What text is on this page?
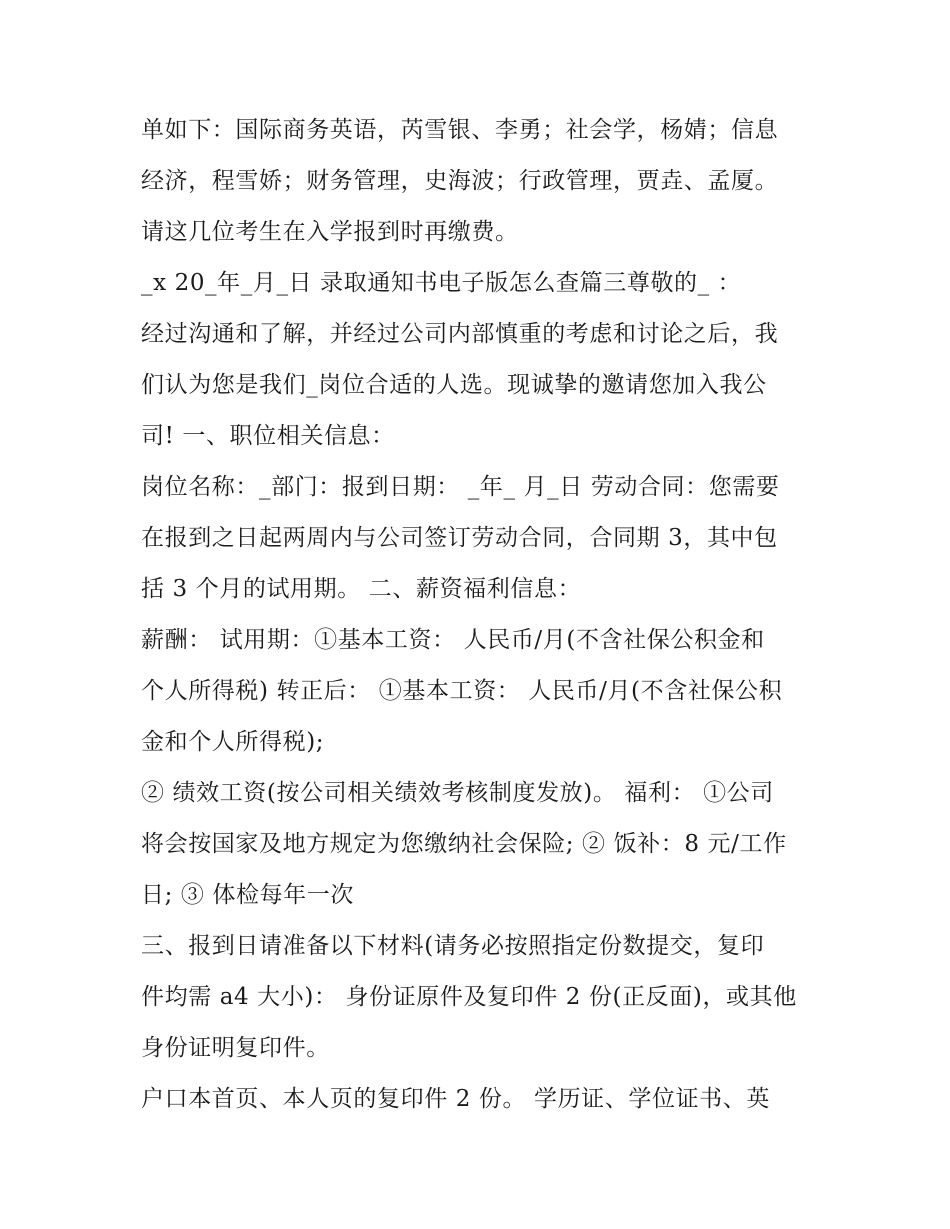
单如下：国际商务英语，芮雪银、李勇；社会学，杨婧；信息
经济，程雪娇；财务管理，史海波；行政管理，贾垚、孟厦。
请这几位考生在入学报到时再缴费。
_x 20_年_月_日 录取通知书电子版怎么查篇三尊敬的_ ：
经过沟通和了解，并经过公司内部慎重的考虑和讨论之后，我
们认为您是我们_岗位合适的人选。现诚挚的邀请您加入我公
司! 一、职位相关信息：
岗位名称：_部门：报到日期： _年_ 月_日 劳动合同：您需要
在报到之日起两周内与公司签订劳动合同，合同期 3，其中包
括 3 个月的试用期。 二、薪资福利信息：
薪酬： 试用期：①基本工资： 人民币/月(不含社保公积金和
个人所得税) 转正后： ①基本工资： 人民币/月(不含社保公积
金和个人所得税);
② 绩效工资(按公司相关绩效考核制度发放)。 福利： ①公司
将会按国家及地方规定为您缴纳社会保险; ② 饭补：8 元/工作
日; ③ 体检每年一次
三、报到日请准备以下材料(请务必按照指定份数提交，复印
件均需 a4 大小)： 身份证原件及复印件 2 份(正反面)，或其他
身份证明复印件。
户口本首页、本人页的复印件 2 份。 学历证、学位证书、英
